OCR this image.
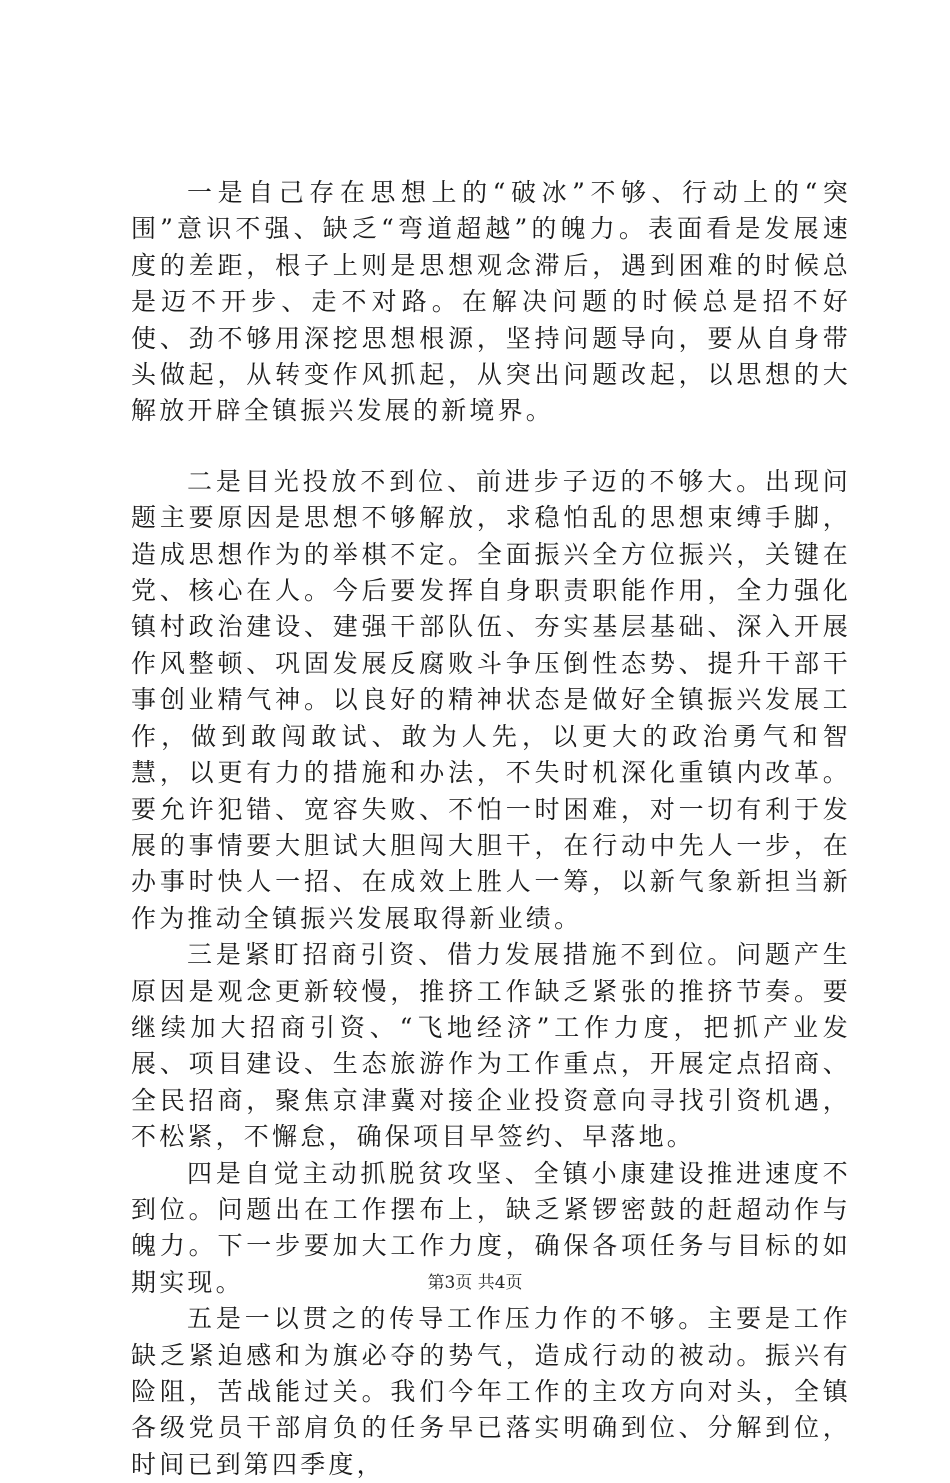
一是自己存在思想上的“破冰”不够、行动上的“突围”意识不强、缺乏“弯道超越”的魄力。表面看是发展速度的差距，根子上则是思想观念滞后，遇到困难的时候总是迈不开步、走不对路。在解决问题的时候总是招不好使、劲不够用深挖思想根源，坚持问题导向，要从自身带头做起，从转变作风抓起，从突出问题改起，以思想的大解放开辟全镇振兴发展的新境界。

二是目光投放不到位、前进步子迈的不够大。出现问题主要原因是思想不够解放，求稳怕乱的思想束缚手脚，造成思想作为的举棋不定。全面振兴全方位振兴，关键在党、核心在人。今后要发挥自身职责职能作用，全力强化镇村政治建设、建强干部队伍、夯实基层基础、深入开展作风整顿、巩固发展反腐败斗争压倒性态势、提升干部干事创业精气神。以良好的精神状态是做好全镇振兴发展工作，做到敢闯敢试、敢为人先，以更大的政治勇气和智慧，以更有力的措施和办法，不失时机深化重镇内改革。要允许犯错、宽容失败、不怕一时困难，对一切有利于发展的事情要大胆试大胆闯大胆干，在行动中先人一步，在办事时快人一招、在成效上胜人一筹，以新气象新担当新作为推动全镇振兴发展取得新业绩。

三是紧盯招商引资、借力发展措施不到位。问题产生原因是观念更新较慢，推挤工作缺乏紧张的推挤节奏。要继续加大招商引资、“飞地经济”工作力度，把抓产业发展、项目建设、生态旅游作为工作重点，开展定点招商、全民招商，聚焦京津冀对接企业投资意向寻找引资机遇，不松紧，不懈怠，确保项目早签约、早落地。

四是自觉主动抓脱贫攻坚、全镇小康建设推进速度不到位。问题出在工作摆布上，缺乏紧锣密鼓的赶超动作与魄力。下一步要加大工作力度，确保各项任务与目标的如期实现。

五是一以贯之的传导工作压力作的不够。主要是工作缺乏紧迫感和为旗必夺的势气，造成行动的被动。振兴有险阻，苦战能过关。我们今年工作的主攻方向对头，全镇各级党员干部肩负的任务早已落实明确到位、分解到位，时间已到第四季度，

第3页 共4页
